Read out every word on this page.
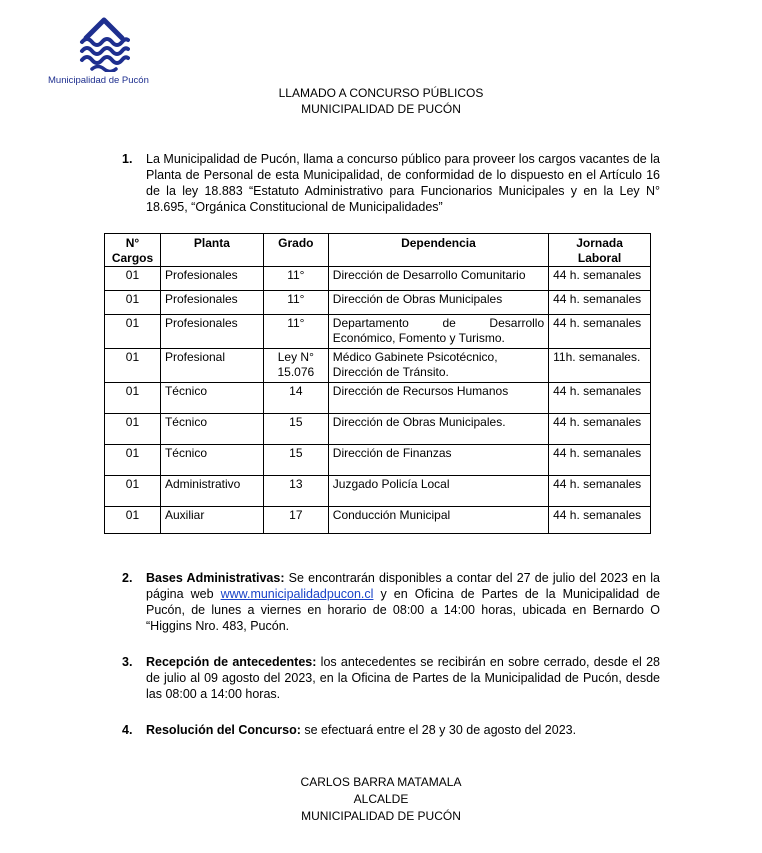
Municipalidad de Pucón
LLAMADO A CONCURSO PÚBLICOS
MUNICIPALIDAD DE PUCÓN
1. La Municipalidad de Pucón, llama a concurso público para proveer los cargos vacantes de la Planta de Personal de esta Municipalidad, de conformidad de lo dispuesto en el Artículo 16 de la ley 18.883 “Estatuto Administrativo para Funcionarios Municipales y en la Ley N° 18.695, “Orgánica Constitucional de Municipalidades”
N° Cargos	Planta	Grado	Dependencia	Jornada Laboral
01	Profesionales	11°	Dirección de Desarrollo Comunitario	44 h. semanales
01	Profesionales	11°	Dirección de Obras Municipales	44 h. semanales
01	Profesionales	11°	Departamento de Desarrollo Económico, Fomento y Turismo.	44 h. semanales
01	Profesional	Ley N° 15.076	Médico Gabinete Psicotécnico, Dirección de Tránsito.	11h. semanales.
01	Técnico	14	Dirección de Recursos Humanos	44 h. semanales
01	Técnico	15	Dirección de Obras Municipales.	44 h. semanales
01	Técnico	15	Dirección de Finanzas	44 h. semanales
01	Administrativo	13	Juzgado Policía Local	44 h. semanales
01	Auxiliar	17	Conducción Municipal	44 h. semanales
2. Bases Administrativas: Se encontrarán disponibles a contar del 27 de julio del 2023 en la página web www.municipalidadpucon.cl y en Oficina de Partes de la Municipalidad de Pucón, de lunes a viernes en horario de 08:00 a 14:00 horas, ubicada en Bernardo O “Higgins Nro. 483, Pucón.
3. Recepción de antecedentes: los antecedentes se recibirán en sobre cerrado, desde el 28 de julio al 09 agosto del 2023, en la Oficina de Partes de la Municipalidad de Pucón, desde las 08:00 a 14:00 horas.
4. Resolución del Concurso: se efectuará entre el 28 y 30 de agosto del 2023.
CARLOS BARRA MATAMALA
ALCALDE
MUNICIPALIDAD DE PUCÓN
